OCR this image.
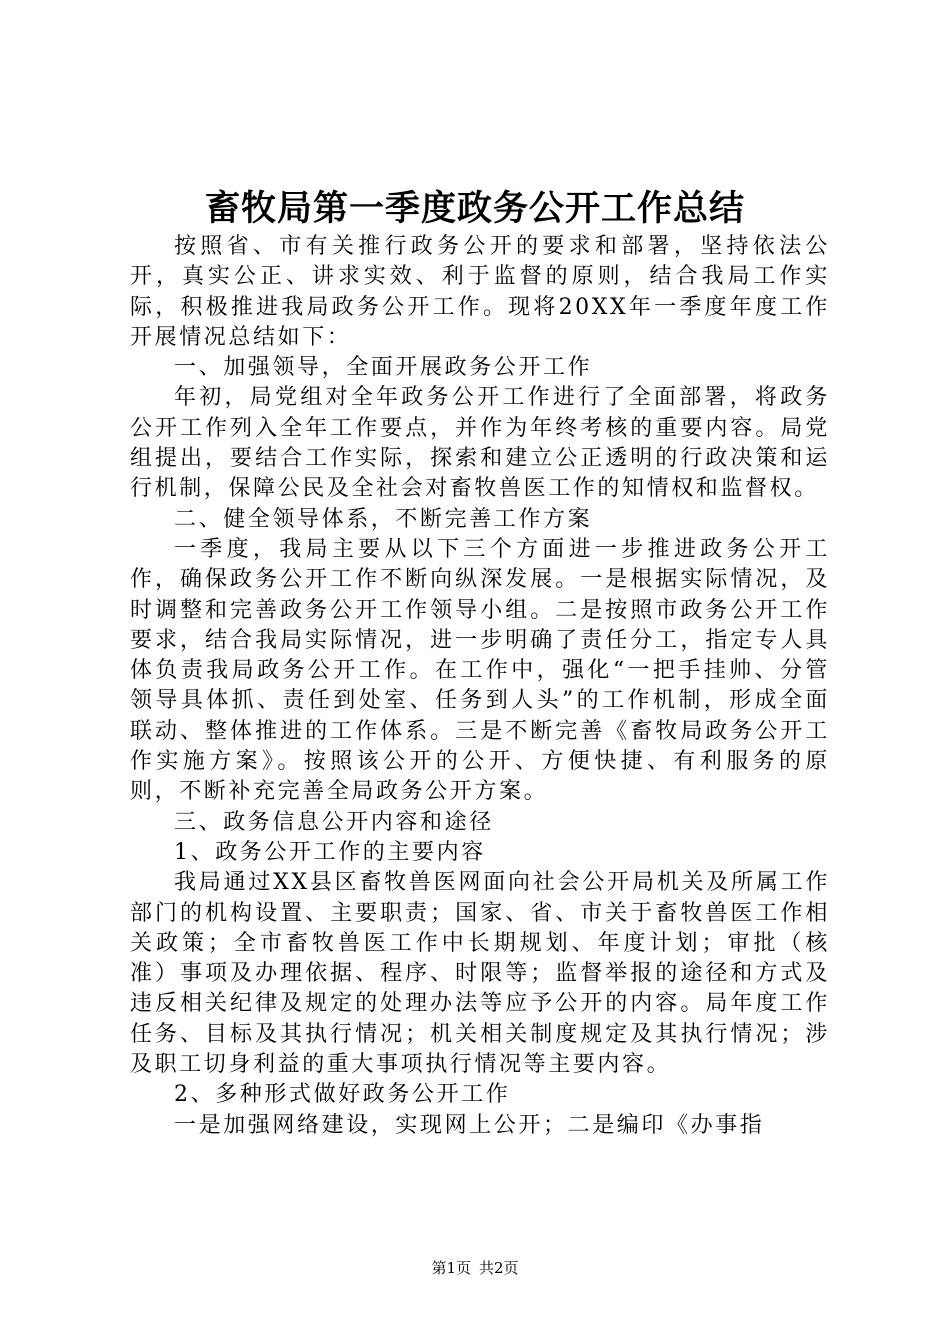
畜牧局第一季度政务公开工作总结

按照省、市有关推行政务公开的要求和部署，坚持依法公开，真实公正、讲求实效、利于监督的原则，结合我局工作实际，积极推进我局政务公开工作。现将20XX年一季度年度工作开展情况总结如下：

一、加强领导，全面开展政务公开工作

年初，局党组对全年政务公开工作进行了全面部署，将政务公开工作列入全年工作要点，并作为年终考核的重要内容。局党组提出，要结合工作实际，探索和建立公正透明的行政决策和运行机制，保障公民及全社会对畜牧兽医工作的知情权和监督权。

二、健全领导体系，不断完善工作方案

一季度，我局主要从以下三个方面进一步推进政务公开工作，确保政务公开工作不断向纵深发展。一是根据实际情况，及时调整和完善政务公开工作领导小组。二是按照市政务公开工作要求，结合我局实际情况，进一步明确了责任分工，指定专人具体负责我局政务公开工作。在工作中，强化“一把手挂帅、分管领导具体抓、责任到处室、任务到人头”的工作机制，形成全面联动、整体推进的工作体系。三是不断完善《畜牧局政务公开工作实施方案》。按照该公开的公开、方便快捷、有利服务的原则，不断补充完善全局政务公开方案。

三、政务信息公开内容和途径

1、政务公开工作的主要内容

我局通过XX县区畜牧兽医网面向社会公开局机关及所属工作部门的机构设置、主要职责；国家、省、市关于畜牧兽医工作相关政策；全市畜牧兽医工作中长期规划、年度计划；审批（核准）事项及办理依据、程序、时限等；监督举报的途径和方式及违反相关纪律及规定的处理办法等应予公开的内容。局年度工作任务、目标及其执行情况；机关相关制度规定及其执行情况；涉及职工切身利益的重大事项执行情况等主要内容。

2、多种形式做好政务公开工作

一是加强网络建设，实现网上公开；二是编印《办事指

第1页 共2页
